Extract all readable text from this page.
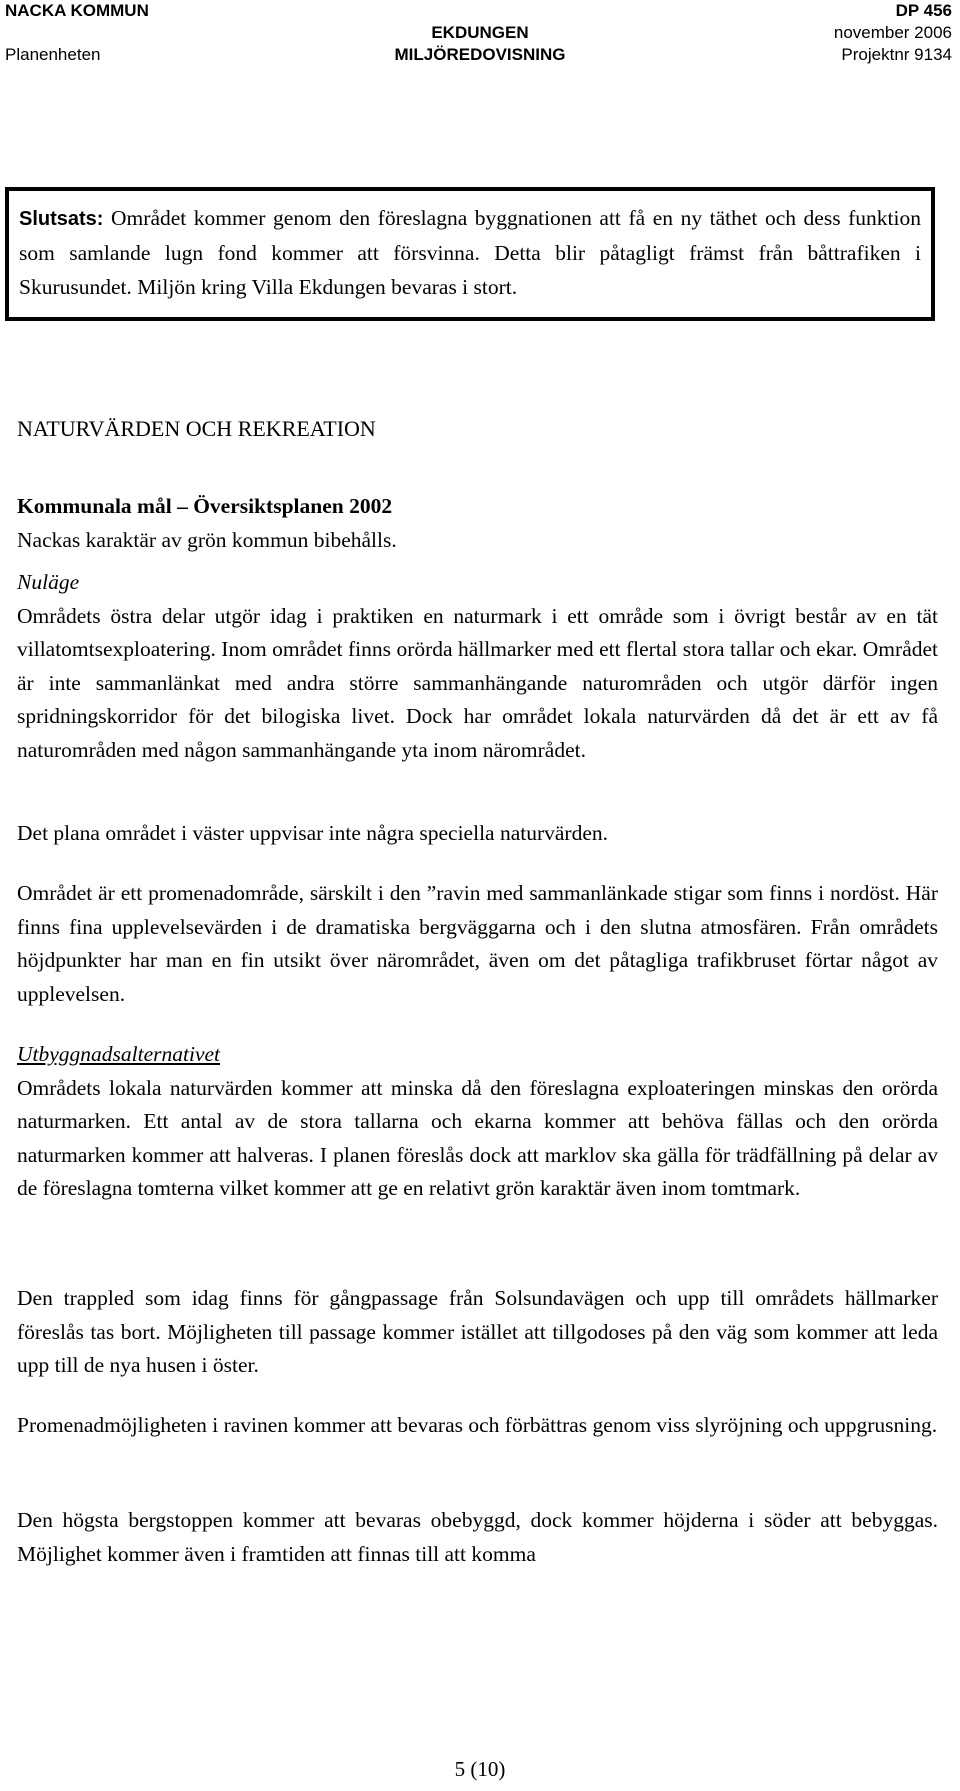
NACKA KOMMUN	DP 456
EKDUNGEN	november 2006
Planenheten	MILJÖREDOVISNING	Projektnr 9134
Slutsats: Området kommer genom den föreslagna byggnationen att få en ny täthet och dess funktion som samlande lugn fond kommer att försvinna. Detta blir påtagligt främst från båttrafiken i Skurusundet. Miljön kring Villa Ekdungen bevaras i stort.
NATURVÄRDEN OCH REKREATION

Kommunala mål – Översiktsplanen 2002

Nackas karaktär av grön kommun bibehålls.

Nuläge

Områdets östra delar utgör idag i praktiken en naturmark i ett område som i övrigt består av en tät villatomtsexploatering. Inom området finns orörda hällmarker med ett flertal stora tallar och ekar. Området är inte sammanlänkat med andra större sammanhängande naturområden och utgör därför ingen spridningskorridor för det bilogiska livet. Dock har området lokala naturvärden då det är ett av få naturområden med någon sammanhängande yta inom närområdet.

Det plana området i väster uppvisar inte några speciella naturvärden.

Området är ett promenadområde, särskilt i den ”ravin med sammanlänkade stigar som finns i nordöst. Här finns fina upplevelsevärden i de dramatiska bergväggarna och i den slutna atmosfären. Från områdets höjdpunkter har man en fin utsikt över närområdet, även om det påtagliga trafikbruset förtar något av upplevelsen.

Utbyggnadsalternativet

Områdets lokala naturvärden kommer att minska då den föreslagna exploateringen minskas den orörda naturmarken. Ett antal av de stora tallarna och ekarna kommer att behöva fällas och den orörda naturmarken kommer att halveras. I planen föreslås dock att marklov ska gälla för trädfällning på delar av de föreslagna tomterna vilket kommer att ge en relativt grön karaktär även inom tomtmark.

Den trappled som idag finns för gångpassage från Solsundavägen och upp till områdets hällmarker föreslås tas bort. Möjligheten till passage kommer istället att tillgodoses på den väg som kommer att leda upp till de nya husen i öster.

Promenadmöjligheten i ravinen kommer att bevaras och förbättras genom viss slyröjning och uppgrusning.

Den högsta bergstoppen kommer att bevaras obebyggd, dock kommer höjderna i söder att bebyggas. Möjlighet kommer även i framtiden att finnas till att komma

5 (10)
